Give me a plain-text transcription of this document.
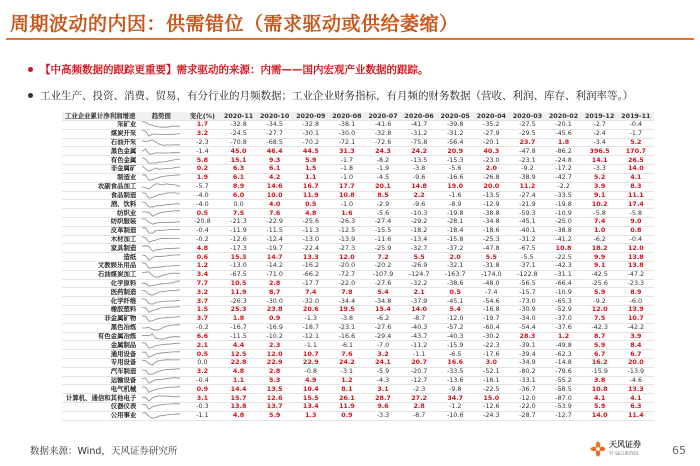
周期波动的内因：供需错位（需求驱动或供给萎缩）
【中高频数据的跟踪更重要】需求驱动的来源：内需——国内宏观产业数据的跟踪。
工业生产、投资、消费、贸易，有分行业的月频数据；工业企业财务指标，有月频的财务数据（营收、利润、库存、利润率等。）
工业企业累计净利润增速	趋势图	变化(%)	2020-11	2020-10	2020-09	2020-08	2020-07	2020-06	2020-05	2020-04	2020-03	2020-02	2019-12	2019-11
采矿业		1.7	-32.8	-34.5	-32.8	-38.1	-41.6	-41.7	-39.8	-35.2	-27.5	-20.1	-2.7	-0.4
煤炭开采		3.2	-24.5	-27.7	-30.1	-30.0	-32.8	-31.2	-31.2	-27.9	-29.5	-45.6	-2.4	-1.7
石油开采		-2.3	-70.8	-68.5	-70.2	-72.1	-72.6	-75.8	-56.4	-20.1	23.7	1.8	-3.4	5.2
黑色金属		-1.4	45.0	46.4	44.5	31.3	24.3	24.2	20.9	40.3	-47.8	-86.2	396.5	170.7
有色金属		5.8	15.1	9.3	5.9	-1.7	-8.2	-13.5	-15.3	-23.0	-23.1	-24.8	14.1	26.5
非金属矿		0.2	6.3	6.1	1.5	-1.8	-1.9	-3.8	-5.6	2.0	-9.2	-17.2	-3.3	14.0
制造业		1.9	6.1	4.2	1.1	-1.0	-4.5	-9.6	-16.6	-26.8	-38.9	-42.7	5.2	4.1
农副食品加工		-5.7	8.9	14.6	16.7	17.7	20.1	14.8	19.0	20.0	11.2	-2.2	3.9	8.3
食品制造		-4.0	6.0	10.0	11.9	10.8	8.5	2.2	-1.6	-13.5	-27.4	-33.5	9.1	11.1
酒、饮料		-4.0	0.0	4.0	0.5	-1.0	-2.9	-9.6	-8.9	-12.9	-21.9	-19.8	10.2	17.4
纺织业		0.5	7.5	7.6	4.8	1.6	-5.6	-10.3	-19.8	-38.8	-59.3	-10.9	-5.8	-5.8
纺织服装		-20.8	-21.3	-22.9	-25.6	-26.3	-27.4	-29.2	-28.1	-34.8	-45.1	-25.0	7.4	9.0
皮革制造		-0.4	-11.9	-11.5	-11.3	-12.5	-15.5	-18.2	-18.4	-18.6	-40.1	-38.8	1.0	0.8
木材加工		-0.2	-12.6	-12.4	-13.0	-13.9	-11.6	-13.4	-15.8	-25.3	-31.2	-41.2	-6.2	-0.4
家具制造		4.8	-17.3	-19.7	-22.4	-27.3	-25.9	-32.7	-37.2	-47.8	-67.5	10.8	18.2	12.0
造纸		0.6	15.3	14.7	13.3	12.0	7.2	5.5	2.0	5.5	-5.5	-22.5	9.9	13.8
文教娱乐用品		1.2	-13.0	-14.2	-16.2	-20.0	-20.2	-26.9	-32.1	-31.8	-37.1	-42.3	9.1	13.8
石油煤炭加工		3.4	-67.5	-71.0	-66.2	-72.7	-107.9	-124.7	-163.7	-174.0	-122.8	-31.1	-42.5	-47.2
化学原料		7.7	10.5	2.8	-17.7	-22.0	-27.6	-32.2	-38.6	-48.0	-56.5	-66.4	-25.6	-23.3
医药制造		3.2	11.9	8.7	7.4	7.8	5.4	2.1	0.5	-7.4	-15.7	-10.9	5.9	8.9
化学纤维		3.7	-26.3	-30.0	-32.0	-34.4	-34.8	-37.9	-45.1	-54.6	-73.0	-65.3	-9.2	-6.0
橡胶塑料		1.5	25.3	23.8	20.6	19.5	15.4	14.0	5.4	-16.8	-30.9	-52.9	12.0	13.9
非金属矿物		3.7	1.8	0.9	-1.3	-3.8	-6.2	-8.7	-12.0	-19.7	-34.0	-37.0	7.5	10.7
黑色冶炼		-0.2	-16.7	-16.9	-18.7	-23.1	-27.6	-40.3	-57.2	-60.4	-54.4	-37.6	-42.3	-42.2
有色金属冶炼		6.6	-11.5	-10.2	-12.1	-16.6	-29.4	-43.7	-40.3	-30.2	28.3	1.2	8.7	3.9
金属制品		2.1	4.4	2.3	-1.1	-6.1	-7.0	-11.2	-15.9	-22.3	-39.1	-49.8	5.9	8.4
通用设备		0.5	12.5	12.0	10.7	7.6	3.2	-1.1	-6.5	-17.6	-39.4	-62.3	6.7	6.7
专用设备		0.0	22.8	22.9	22.9	24.2	24.1	20.7	16.6	3.0	-34.9	-14.8	16.2	20.0
汽车制造		3.2	4.8	2.8	-0.8	-3.1	-5.9	-20.7	-33.5	-52.1	-80.2	-79.6	-15.9	-13.9
运输设备		-0.4	1.1	5.3	4.9	1.2	-4.3	-12.7	-13.6	-16.1	-33.1	-55.2	3.8	-4.6
电气机械		0.9	14.4	13.5	10.4	8.1	3.1	-2.3	-9.8	-22.5	-36.7	-58.5	10.8	13.3
计算机、通信和其他电子		3.1	15.7	12.6	15.5	26.1	28.7	27.2	34.7	15.0	-12.0	-87.0	4.1	4.1
仪器仪表		-0.3	13.8	13.7	13.4	11.9	9.6	2.8	-1.2	-12.6	-22.0	-53.9	5.9	6.3
公用事业		-1.1	4.8	5.9	1.3	0.9	-3.3	-8.7	-10.6	-24.3	-28.7	-12.7	14.0	11.4
数据来源：Wind，天风证券研究所
天风证券
TF SECURITIES	65
